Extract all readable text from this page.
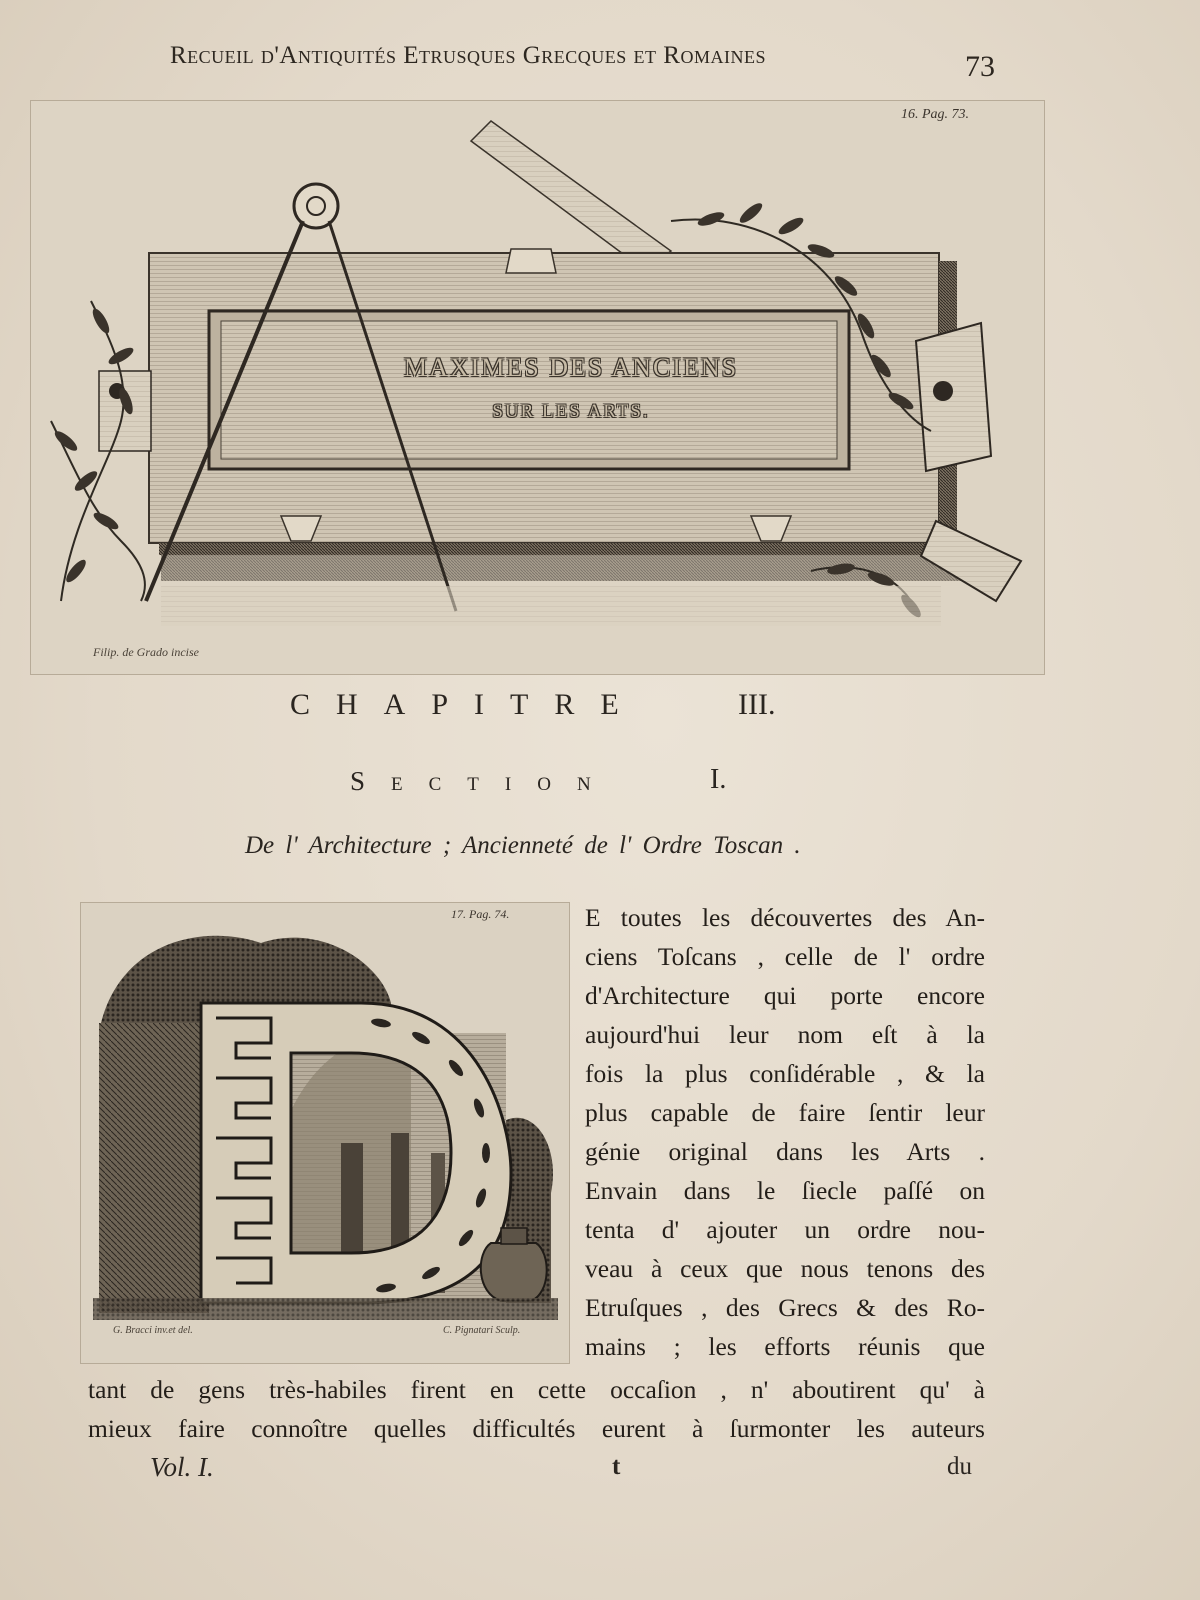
Recueil d'Antiquités Etrusques Grecques et Romaines	73
MAXIMES DES ANCIENS
SUR LES ARTS.
16. Pag. 73.
Filip. de Grado incise
CHAPITRE	III.
Section	I.
De l' Architecture ; Ancienneté de l' Ordre Toscan .
17. Pag. 74.
G. Bracci inv.et del.	C. Pignatari Sculp.
E toutes les découvertes des An-
ciens Toſcans , celle de l' ordre
d'Architecture qui porte encore
aujourd'hui leur nom eſt à la
fois la plus conſidérable , & la
plus capable de faire ſentir leur
génie original dans les Arts .
Envain dans le ſiecle paſſé on
tenta d' ajouter un ordre nou-
veau à ceux que nous tenons des
Etruſques , des Grecs & des Ro-
mains ; les efforts réunis que
tant de gens très-habiles firent en cette occaſion , n' aboutirent qu' à
mieux faire connoître quelles difficultés eurent à ſurmonter les auteurs
Vol. I.	t	du
